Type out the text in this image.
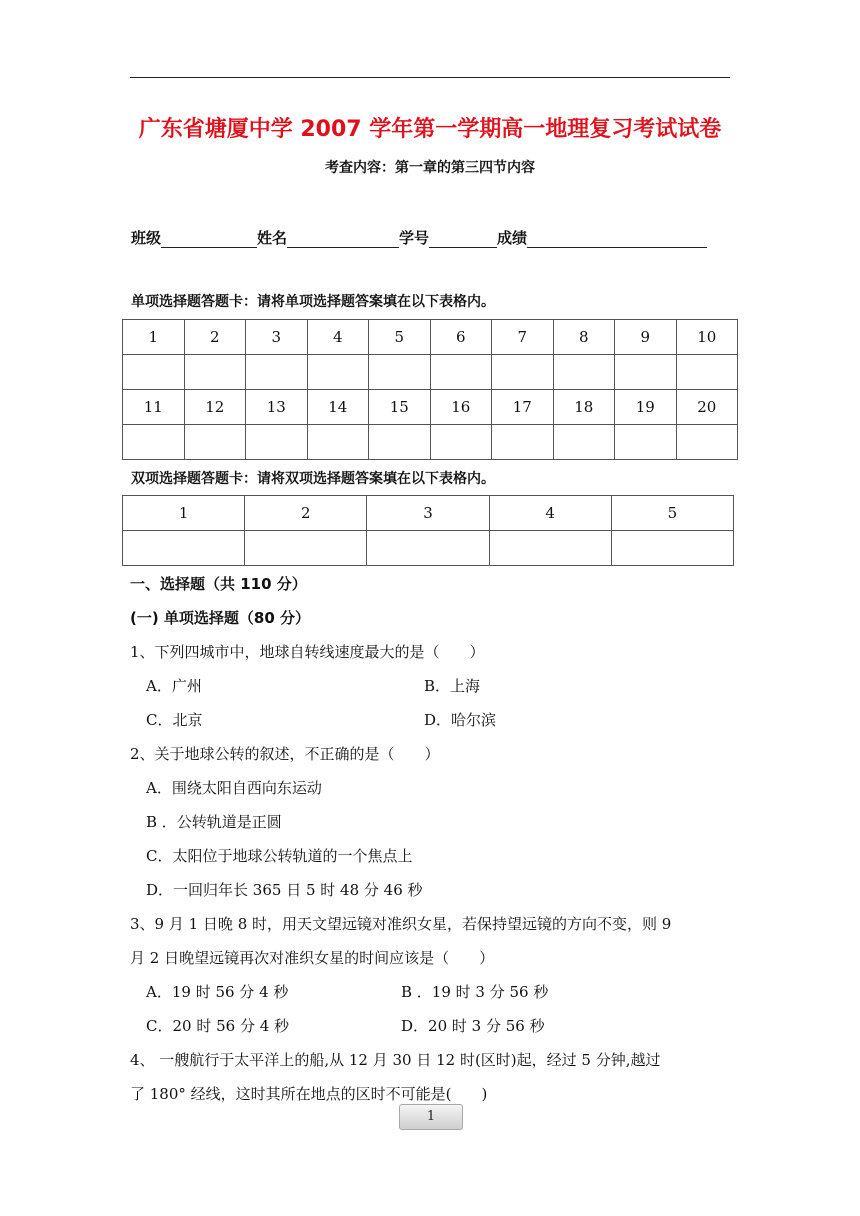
广东省塘厦中学 2007 学年第一学期高一地理复习考试试卷
考查内容：第一章的第三四节内容
班级	姓名	学号	成绩
单项选择题答题卡：请将单项选择题答案填在以下表格内。
1	2	3	4	5	6	7	8	9	10

11	12	13	14	15	16	17	18	19	20

双项选择题答题卡：请将双项选择题答案填在以下表格内。
1	2	3	4	5

一、选择题（共 110 分）
(一) 单项选择题（80 分）
1、下列四城市中，地球自转线速度最大的是（　　）
A．广州	B．上海
C．北京	D．哈尔滨
2、关于地球公转的叙述，不正确的是（　　）
A．围绕太阳自西向东运动
B ．公转轨道是正圆
C．太阳位于地球公转轨道的一个焦点上
D．一回归年长 365 日 5 时 48 分 46 秒
3、9 月 1 日晚 8 时，用天文望远镜对准织女星，若保持望远镜的方向不变，则 9
月 2 日晚望远镜再次对准织女星的时间应该是（　　）
A．19 时 56 分 4 秒	B ．19 时 3 分 56 秒
C．20 时 56 分 4 秒	D．20 时 3 分 56 秒
4、 一艘航行于太平洋上的船,从 12 月 30 日 12 时(区时)起，经过 5 分钟,越过
了 180° 经线，这时其所在地点的区时不可能是(　　)
1
